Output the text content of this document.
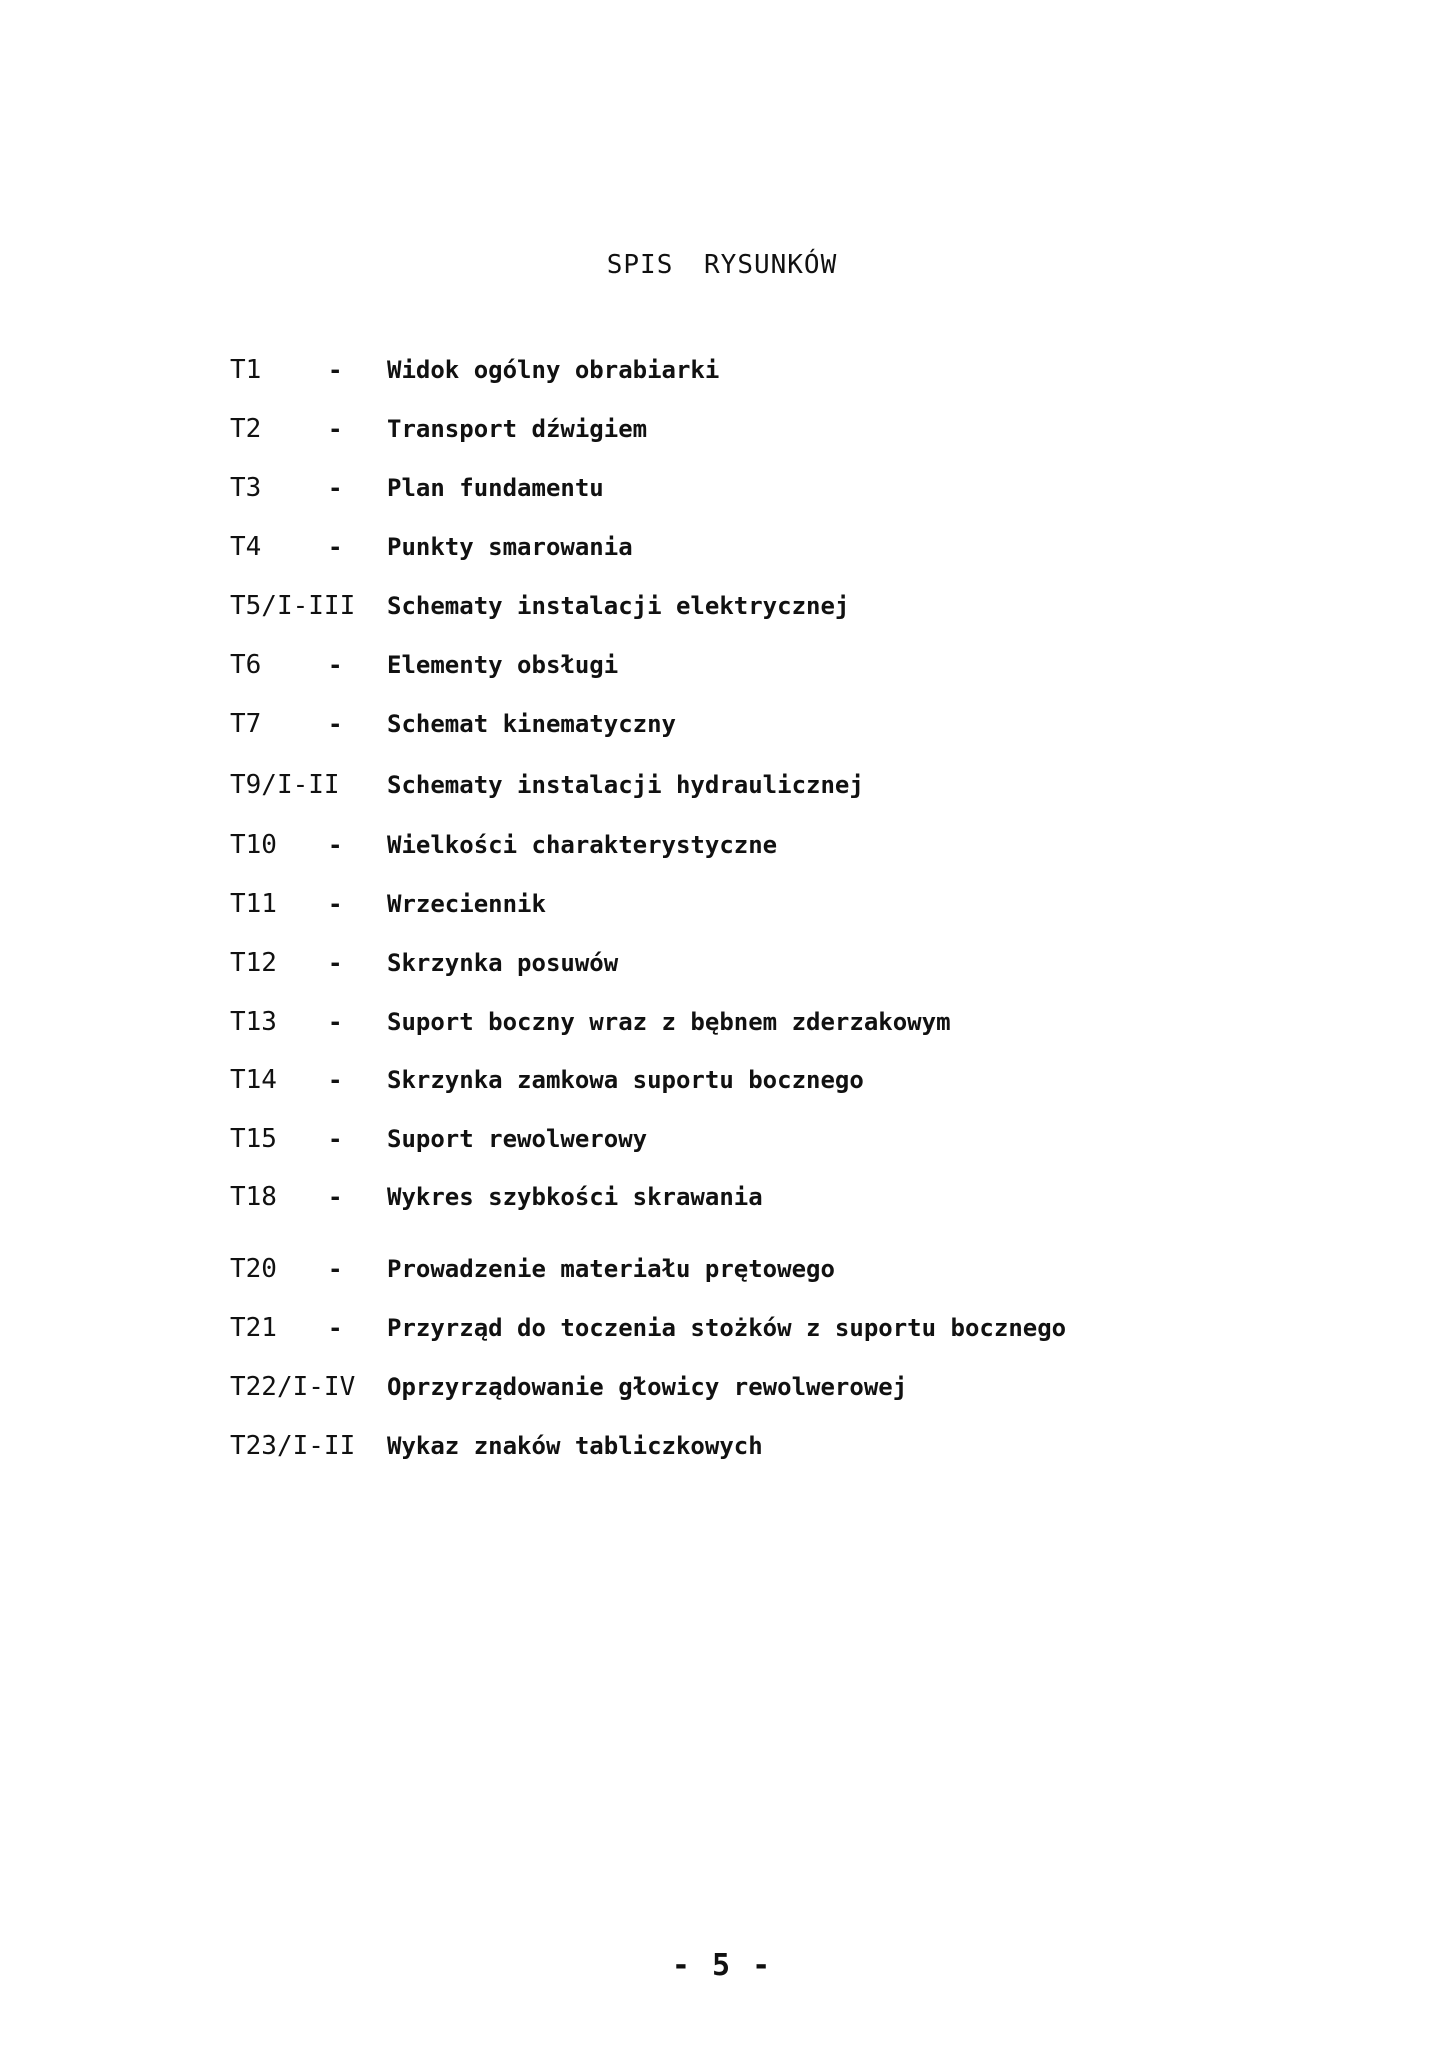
SPIS RYSUNKÓW
T1	- Widok ogólny obrabiarki
T2	- Transport dźwigiem
T3	- Plan fundamentu
T4	- Punkty smarowania
T5/I-III Schematy instalacji elektrycznej
T6	- Elementy obsługi
T7	- Schemat kinematyczny
T9/I-II Schematy instalacji hydraulicznej
T10 - Wielkości charakterystyczne
T11 - Wrzeciennik
T12 - Skrzynka posuwów
T13 - Suport boczny wraz z bębnem zderzakowym
T14 - Skrzynka zamkowa suportu bocznego
T15 - Suport rewolwerowy
T18 - Wykres szybkości skrawania
T20 - Prowadzenie materiału prętowego
T21 - Przyrząd do toczenia stożków z suportu bocznego
T22/I-IV Oprzyrządowanie głowicy rewolwerowej
T23/I-II Wykaz znaków tabliczkowych
- 5 -
